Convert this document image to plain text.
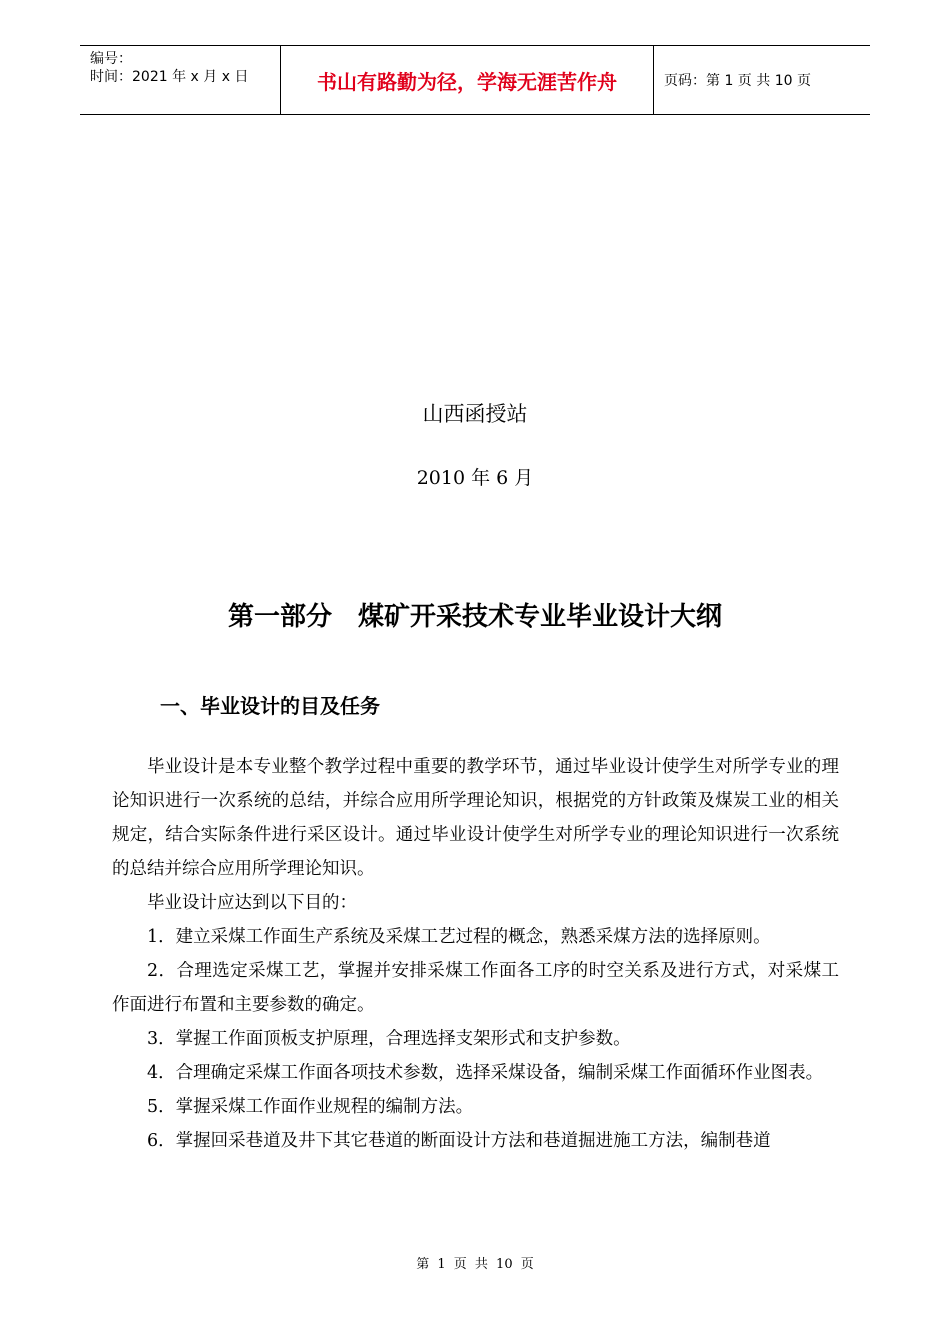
编号：
时间：2021 年 x 月 x 日	书山有路勤为径，学海无涯苦作舟	页码：第 1 页 共 10 页
山西函授站
2010 年 6 月
第一部分 煤矿开采技术专业毕业设计大纲
一、毕业设计的目及任务

毕业设计是本专业整个教学过程中重要的教学环节，通过毕业设计使学生对所学专业的理论知识进行一次系统的总结，并综合应用所学理论知识，根据党的方针政策及煤炭工业的相关规定，结合实际条件进行采区设计。通过毕业设计使学生对所学专业的理论知识进行一次系统的总结并综合应用所学理论知识。

毕业设计应达到以下目的：

1．建立采煤工作面生产系统及采煤工艺过程的概念，熟悉采煤方法的选择原则。

2．合理选定采煤工艺，掌握并安排采煤工作面各工序的时空关系及进行方式，对采煤工作面进行布置和主要参数的确定。

3．掌握工作面顶板支护原理，合理选择支架形式和支护参数。

4．合理确定采煤工作面各项技术参数，选择采煤设备，编制采煤工作面循环作业图表。

5．掌握采煤工作面作业规程的编制方法。

6．掌握回采巷道及井下其它巷道的断面设计方法和巷道掘进施工方法，编制巷道

第 1 页 共 10 页
